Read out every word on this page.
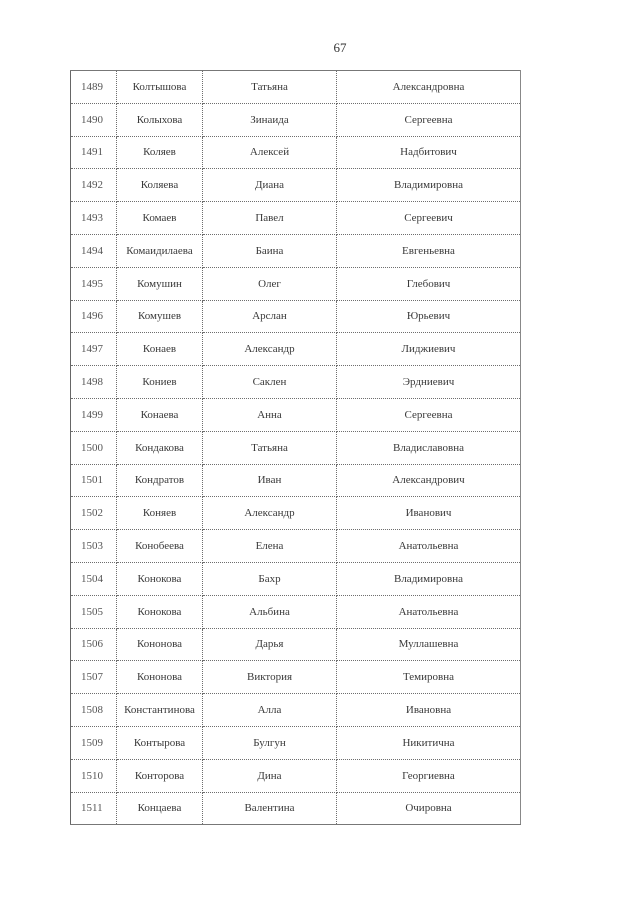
67
1489	Колтышова	Татьяна	Александровна
1490	Колыхова	Зинаида	Сергеевна
1491	Коляев	Алексей	Надбитович
1492	Коляева	Диана	Владимировна
1493	Комаев	Павел	Сергеевич
1494	Комаидилаева	Баина	Евгеньевна
1495	Комушин	Олег	Глебович
1496	Комушев	Арслан	Юрьевич
1497	Конаев	Александр	Лиджиевич
1498	Кониев	Саклен	Эрдниевич
1499	Конаева	Анна	Сергеевна
1500	Кондакова	Татьяна	Владиславовна
1501	Кондратов	Иван	Александрович
1502	Коняев	Александр	Иванович
1503	Конобеева	Елена	Анатольевна
1504	Конокова	Бахр	Владимировна
1505	Конокова	Альбина	Анатольевна
1506	Кононова	Дарья	Муллашевна
1507	Кононова	Виктория	Темировна
1508	Константинова	Алла	Ивановна
1509	Контырова	Булгун	Никитична
1510	Конторова	Дина	Георгиевна
1511	Концаева	Валентина	Очировна
